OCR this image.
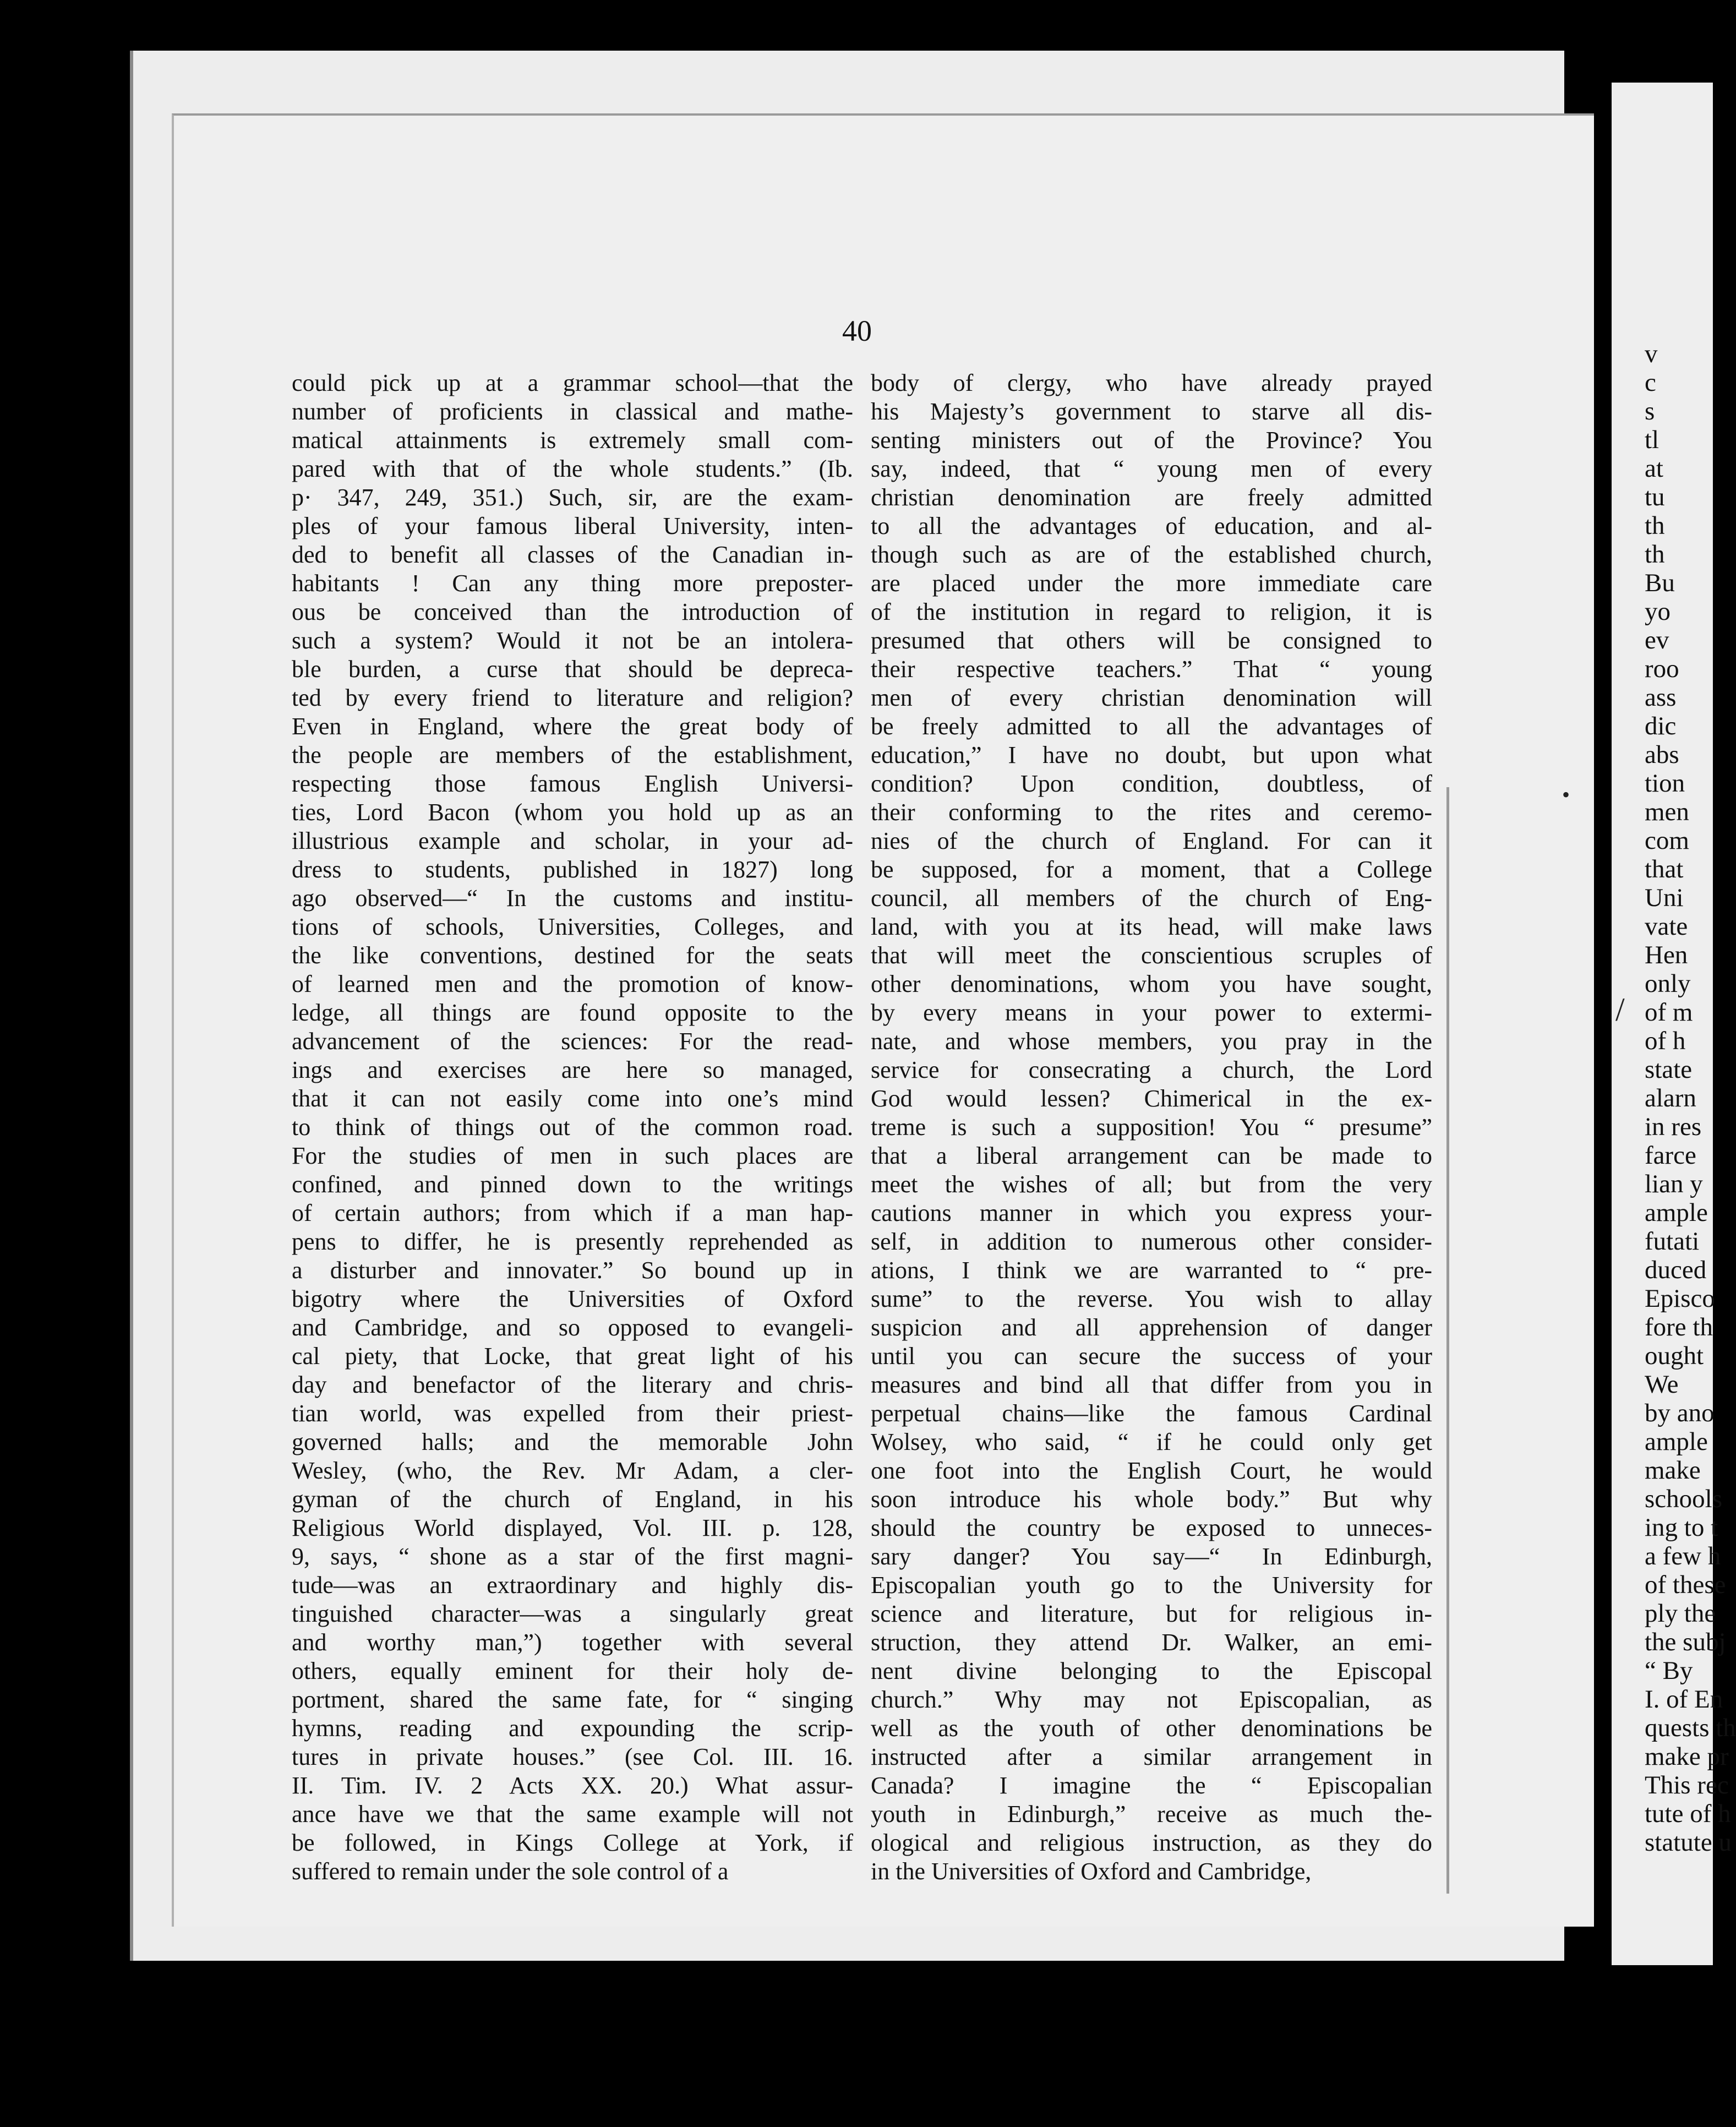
v
c
s
tl
at
tu
th
th
Bu
yo
ev
roo
ass
dic
abs
tion
men
com
that
Uni
vate
Hen
only
of m
of h
state
alarn
in res
farce
lian y
ample
futati
duced
Episco
fore th
ought
We
by ano
ample
make
schools
ing to t
a few h
of these
ply the
the subj
“ By
I. of En
quests th
make pr
This rec
tute of h
statute u
40
could pick up at a grammar school—that the
number of proficients in classical and mathe-
matical attainments is extremely small com-
pared with that of the whole students.” (Ib.
p· 347, 249, 351.) Such, sir, are the exam-
ples of your famous liberal University, inten-
ded to benefit all classes of the Canadian in-
habitants ! Can any thing more preposter-
ous be conceived than the introduction of
such a system? Would it not be an intolera-
ble burden, a curse that should be depreca-
ted by every friend to literature and religion?
Even in England, where the great body of
the people are members of the establishment,
respecting those famous English Universi-
ties, Lord Bacon (whom you hold up as an
illustrious example and scholar, in your ad-
dress to students, published in 1827) long
ago observed—“ In the customs and institu-
tions of schools, Universities, Colleges, and
the like conventions, destined for the seats
of learned men and the promotion of know-
ledge, all things are found opposite to the
advancement of the sciences: For the read-
ings and exercises are here so managed,
that it can not easily come into one’s mind
to think of things out of the common road.
For the studies of men in such places are
confined, and pinned down to the writings
of certain authors; from which if a man hap-
pens to differ, he is presently reprehended as
a disturber and innovater.” So bound up in
bigotry where the Universities of Oxford
and Cambridge, and so opposed to evangeli-
cal piety, that Locke, that great light of his
day and benefactor of the literary and chris-
tian world, was expelled from their priest-
governed halls; and the memorable John
Wesley, (who, the Rev. Mr Adam, a cler-
gyman of the church of England, in his
Religious World displayed, Vol. III. p. 128,
9, says, “ shone as a star of the first magni-
tude—was an extraordinary and highly dis-
tinguished character—was a singularly great
and worthy man,”) together with several
others, equally eminent for their holy de-
portment, shared the same fate, for “ singing
hymns, reading and expounding the scrip-
tures in private houses.” (see Col. III. 16.
II. Tim. IV. 2 Acts XX. 20.) What assur-
ance have we that the same example will not
be followed, in Kings College at York, if
suffered to remain under the sole control of a
body of clergy, who have already prayed
his Majesty’s government to starve all dis-
senting ministers out of the Province? You
say, indeed, that “ young men of every
christian denomination are freely admitted
to all the advantages of education, and al-
though such as are of the established church,
are placed under the more immediate care
of the institution in regard to religion, it is
presumed that others will be consigned to
their respective teachers.” That “ young
men of every christian denomination will
be freely admitted to all the advantages of
education,” I have no doubt, but upon what
condition? Upon condition, doubtless, of
their conforming to the rites and ceremo-
nies of the church of England. For can it
be supposed, for a moment, that a College
council, all members of the church of Eng-
land, with you at its head, will make laws
that will meet the conscientious scruples of
other denominations, whom you have sought,
by every means in your power to extermi-
nate, and whose members, you pray in the
service for consecrating a church, the Lord
God would lessen? Chimerical in the ex-
treme is such a supposition! You “ presume”
that a liberal arrangement can be made to
meet the wishes of all; but from the very
cautions manner in which you express your-
self, in addition to numerous other consider-
ations, I think we are warranted to “ pre-
sume” to the reverse. You wish to allay
suspicion and all apprehension of danger
until you can secure the success of your
measures and bind all that differ from you in
perpetual chains—like the famous Cardinal
Wolsey, who said, “ if he could only get
one foot into the English Court, he would
soon introduce his whole body.” But why
should the country be exposed to unneces-
sary danger? You say—“ In Edinburgh,
Episcopalian youth go to the University for
science and literature, but for religious in-
struction, they attend Dr. Walker, an emi-
nent divine belonging to the Episcopal
church.” Why may not Episcopalian, as
well as the youth of other denominations be
instructed after a similar arrangement in
Canada? I imagine the “ Episcopalian
youth in Edinburgh,” receive as much the-
ological and religious instruction, as they do
in the Universities of Oxford and Cambridge,
/
•
